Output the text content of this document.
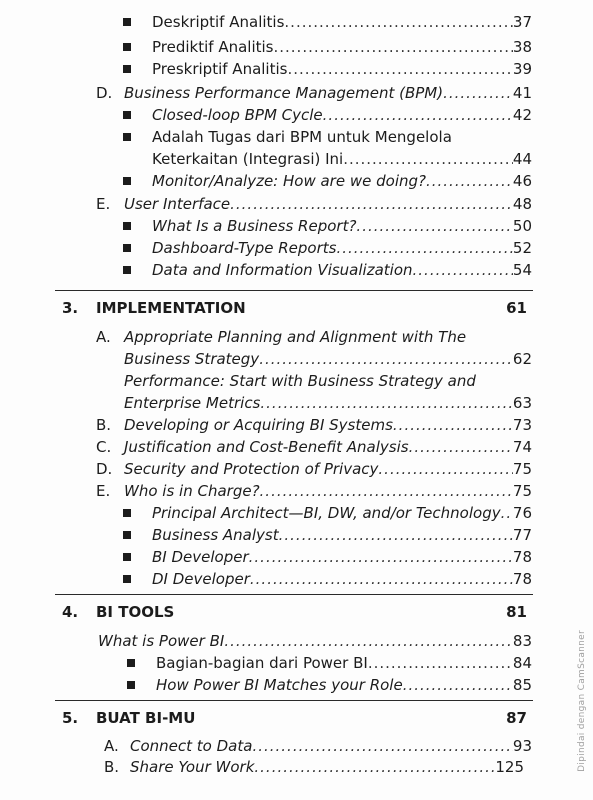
Deskriptif Analitis .....	37
Prediktif Analitis .....	38
Preskriptif Analitis .....	39
D. Business Performance Management (BPM) .....	41
Closed-loop BPM Cycle .....	42
Adalah Tugas dari BPM untuk Mengelola
Keterkaitan (Integrasi) Ini .....	44
Monitor/Analyze: How are we doing? .....	46
E. User Interface .....	48
What Is a Business Report? .....	50
Dashboard-Type Reports .....	52
Data and Information Visualization .....	54
3. IMPLEMENTATION	61
A. Appropriate Planning and Alignment with The
Business Strategy .....	62
Performance: Start with Business Strategy and
Enterprise Metrics .....	63
B. Developing or Acquiring BI Systems .....	73
C. Justification and Cost-Benefit Analysis .....	74
D. Security and Protection of Privacy .....	75
E. Who is in Charge? .....	75
Principal Architect—BI, DW, and/or Technology ..... 76
Business Analyst .....	77
BI Developer .....	78
DI Developer .....	78
4. BI TOOLS	81
What is Power BI .....	83
Bagian-bagian dari Power BI .....	84
How Power BI Matches your Role .....	85
5. BUAT BI-MU	87
A. Connect to Data .....	93
B. Share Your Work .....	125	Dipindai dengan CamScanner
